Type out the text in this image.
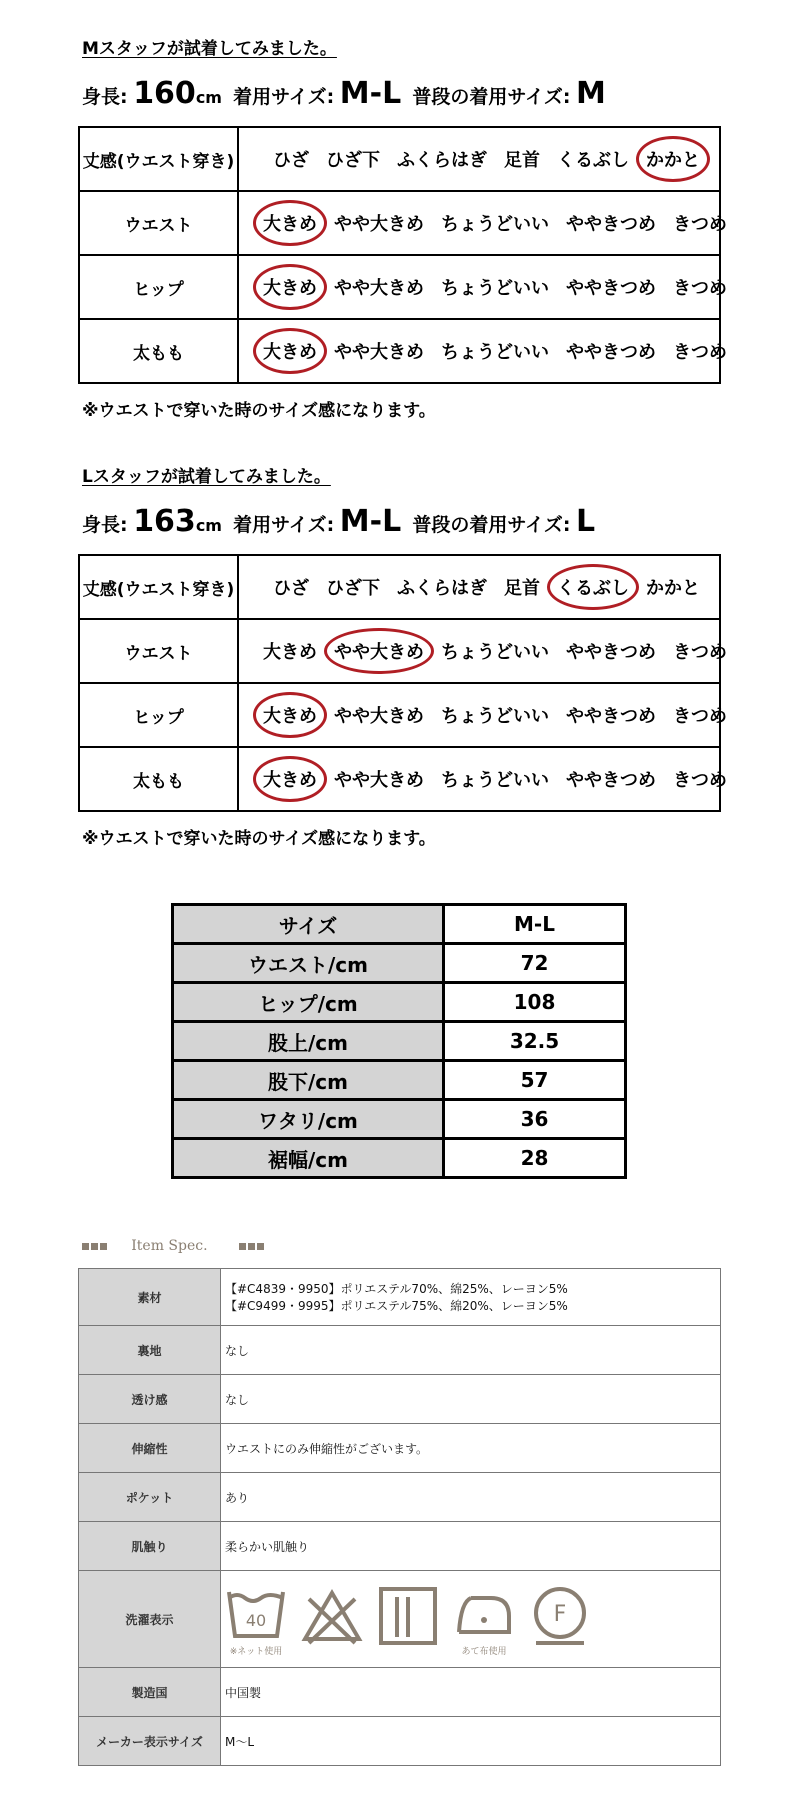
Mスタッフが試着してみました。
身長: 160cm 着用サイズ: M-L 普段の着用サイズ: M
丈感(ウエスト穿き)	ひざ  ひざ下  ふくらはぎ  足首  くるぶし  かかと
ウエスト	大きめ  やや大きめ  ちょうどいい  ややきつめ  きつめ
ヒップ	大きめ  やや大きめ  ちょうどいい  ややきつめ  きつめ
太もも	大きめ  やや大きめ  ちょうどいい  ややきつめ  きつめ
※ウエストで穿いた時のサイズ感になります。
Lスタッフが試着してみました。
身長: 163cm 着用サイズ: M-L 普段の着用サイズ: L
丈感(ウエスト穿き)	ひざ  ひざ下  ふくらはぎ  足首  くるぶし  かかと
ウエスト	大きめ  やや大きめ  ちょうどいい  ややきつめ  きつめ
ヒップ	大きめ  やや大きめ  ちょうどいい  ややきつめ  きつめ
太もも	大きめ  やや大きめ  ちょうどいい  ややきつめ  きつめ
※ウエストで穿いた時のサイズ感になります。
サイズ	M-L
ウエスト/cm	72
ヒップ/cm	108
股上/cm	32.5
股下/cm	57
ワタリ/cm	36
裾幅/cm	28
Item Spec.
素材	【#C4839・9950】ポリエステル70%、綿25%、レーヨン5%
【#C9499・9995】ポリエステル75%、綿20%、レーヨン5%

裏地	なし

透け感	なし

伸縮性	ウエストにのみ伸縮性がございます。

ポケット	あり

肌触り	柔らかい肌触り

洗濯表示	40
※ネット使用

あて布使用
F

製造国	中国製

メーカー表示サイズ	M〜L
